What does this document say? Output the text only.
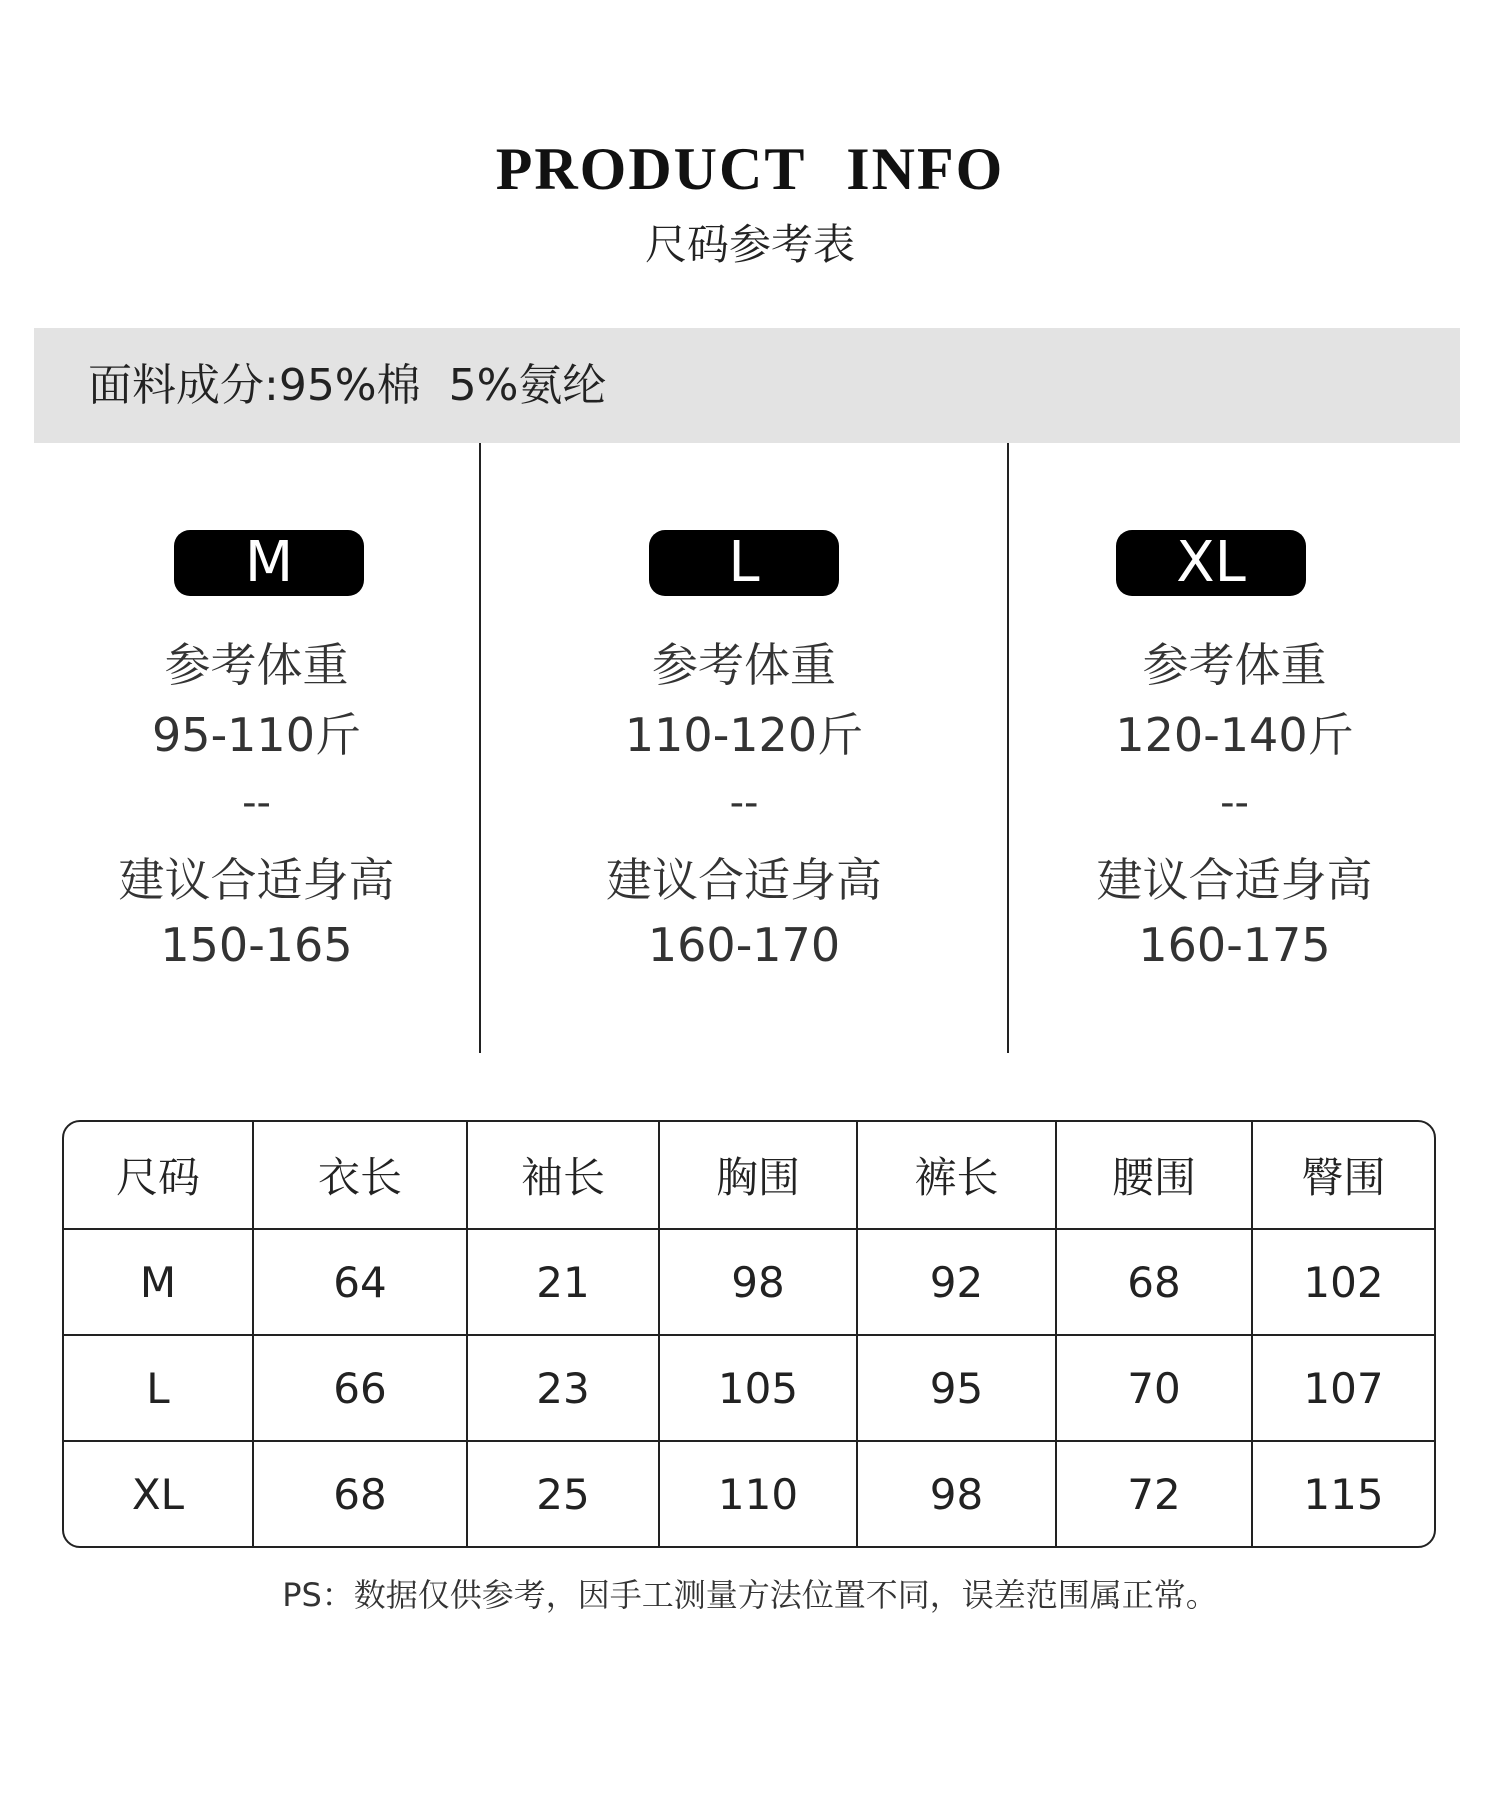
PRODUCT INFO
尺码参考表
面料成分:95%棉  5%氨纶
M
参考体重
95-110斤
--
建议合适身高
150-165
L
参考体重
110-120斤
--
建议合适身高
160-170
XL
参考体重
120-140斤
--
建议合适身高
160-175
尺码	衣长	袖长	胸围	裤长	腰围	臀围
M	64	21	98	92	68	102
L	66	23	105	95	70	107
XL	68	25	110	98	72	115
PS：数据仅供参考，因手工测量方法位置不同，误差范围属正常。
